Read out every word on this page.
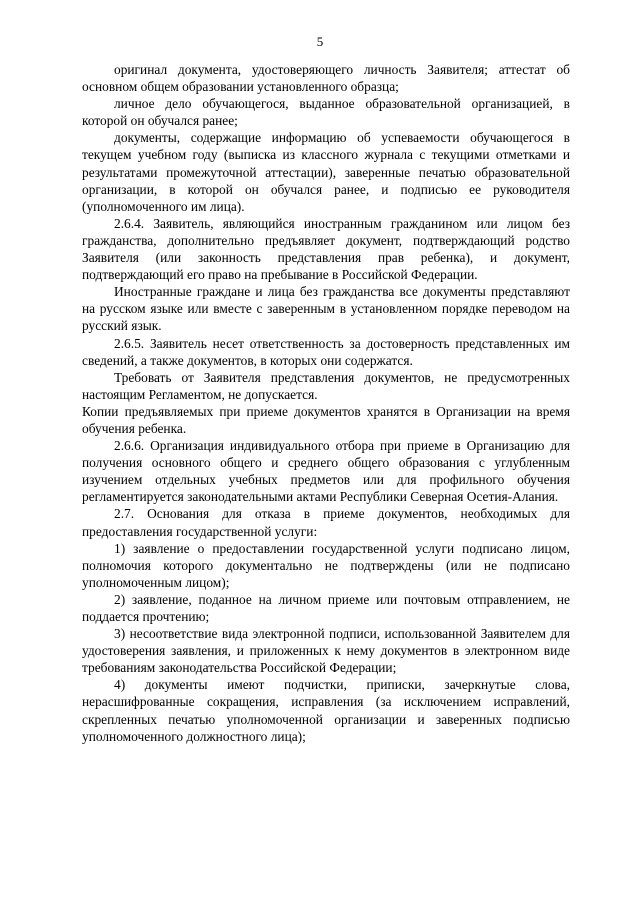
5

оригинал документа, удостоверяющего личность Заявителя; аттестат об основном общем образовании установленного образца;

личное дело обучающегося, выданное образовательной организацией, в которой он обучался ранее;

документы, содержащие информацию об успеваемости обучающегося в текущем учебном году (выписка из классного журнала с текущими отметками и результатами промежуточной аттестации), заверенные печатью образовательной организации, в которой он обучался ранее, и подписью ее руководителя (уполномоченного им лица).

2.6.4. Заявитель, являющийся иностранным гражданином или лицом без гражданства, дополнительно предъявляет документ, подтверждающий родство Заявителя (или законность представления прав ребенка), и документ, подтверждающий его право на пребывание в Российской Федерации.

Иностранные граждане и лица без гражданства все документы представляют на русском языке или вместе с заверенным в установленном порядке переводом на русский язык.

2.6.5. Заявитель несет ответственность за достоверность представленных им сведений, а также документов, в которых они содержатся.

Требовать от Заявителя представления документов, не предусмотренных настоящим Регламентом, не допускается.

Копии предъявляемых при приеме документов хранятся в Организации на время обучения ребенка.

2.6.6. Организация индивидуального отбора при приеме в Организацию для получения основного общего и среднего общего образования с углубленным изучением отдельных учебных предметов или для профильного обучения регламентируется законодательными актами Республики Северная Осетия-Алания.

2.7. Основания для отказа в приеме документов, необходимых для предоставления государственной услуги:

1) заявление о предоставлении государственной услуги подписано лицом, полномочия которого документально не подтверждены (или не подписано уполномоченным лицом);

2) заявление, поданное на личном приеме или почтовым отправлением, не поддается прочтению;

3) несоответствие вида электронной подписи, использованной Заявителем для удостоверения заявления, и приложенных к нему документов в электронном виде требованиям законодательства Российской Федерации;

4) документы имеют подчистки, приписки, зачеркнутые слова, нерасшифрованные сокращения, исправления (за исключением исправлений, скрепленных печатью уполномоченной организации и заверенных подписью уполномоченного должностного лица);
